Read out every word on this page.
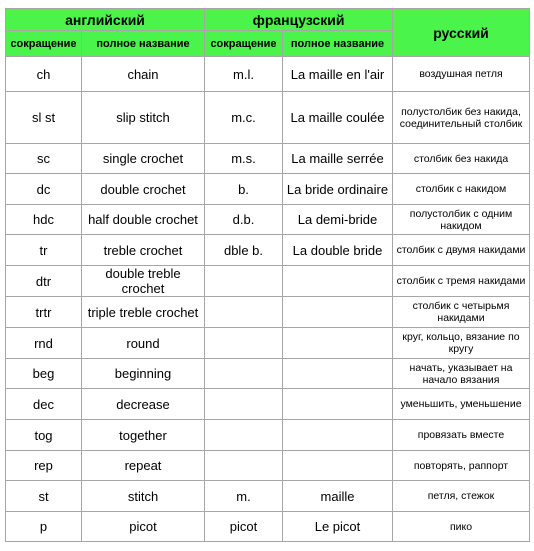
английский		французский		русский
сокращение	полное название	сокращение	полное название	
ch	chain	m.l.	La maille en l'air	воздушная петля
sl st	slip stitch	m.c.	La maille coulée	полустолбик без накида, соединительный столбик
sc	single crochet	m.s.	La maille serrée	столбик без накида
dc	double crochet	b.	La bride ordinaire	столбик с накидом
hdc	half double crochet	d.b.	La demi-bride	полустолбик с одним накидом
tr	treble crochet	dble b.	La double bride	столбик с двумя накидами
dtr	double treble crochet			столбик с тремя накидами
trtr	triple treble crochet			столбик с четырьмя накидами
rnd	round			круг, кольцо, вязание по кругу
beg	beginning			начать, указывает на начало вязания
dec	decrease			уменьшить, уменьшение
tog	together			провязать вместе
rep	repeat			повторять, раппорт
st	stitch	m.	maille	петля, стежок
p	picot	picot	Le picot	пико
